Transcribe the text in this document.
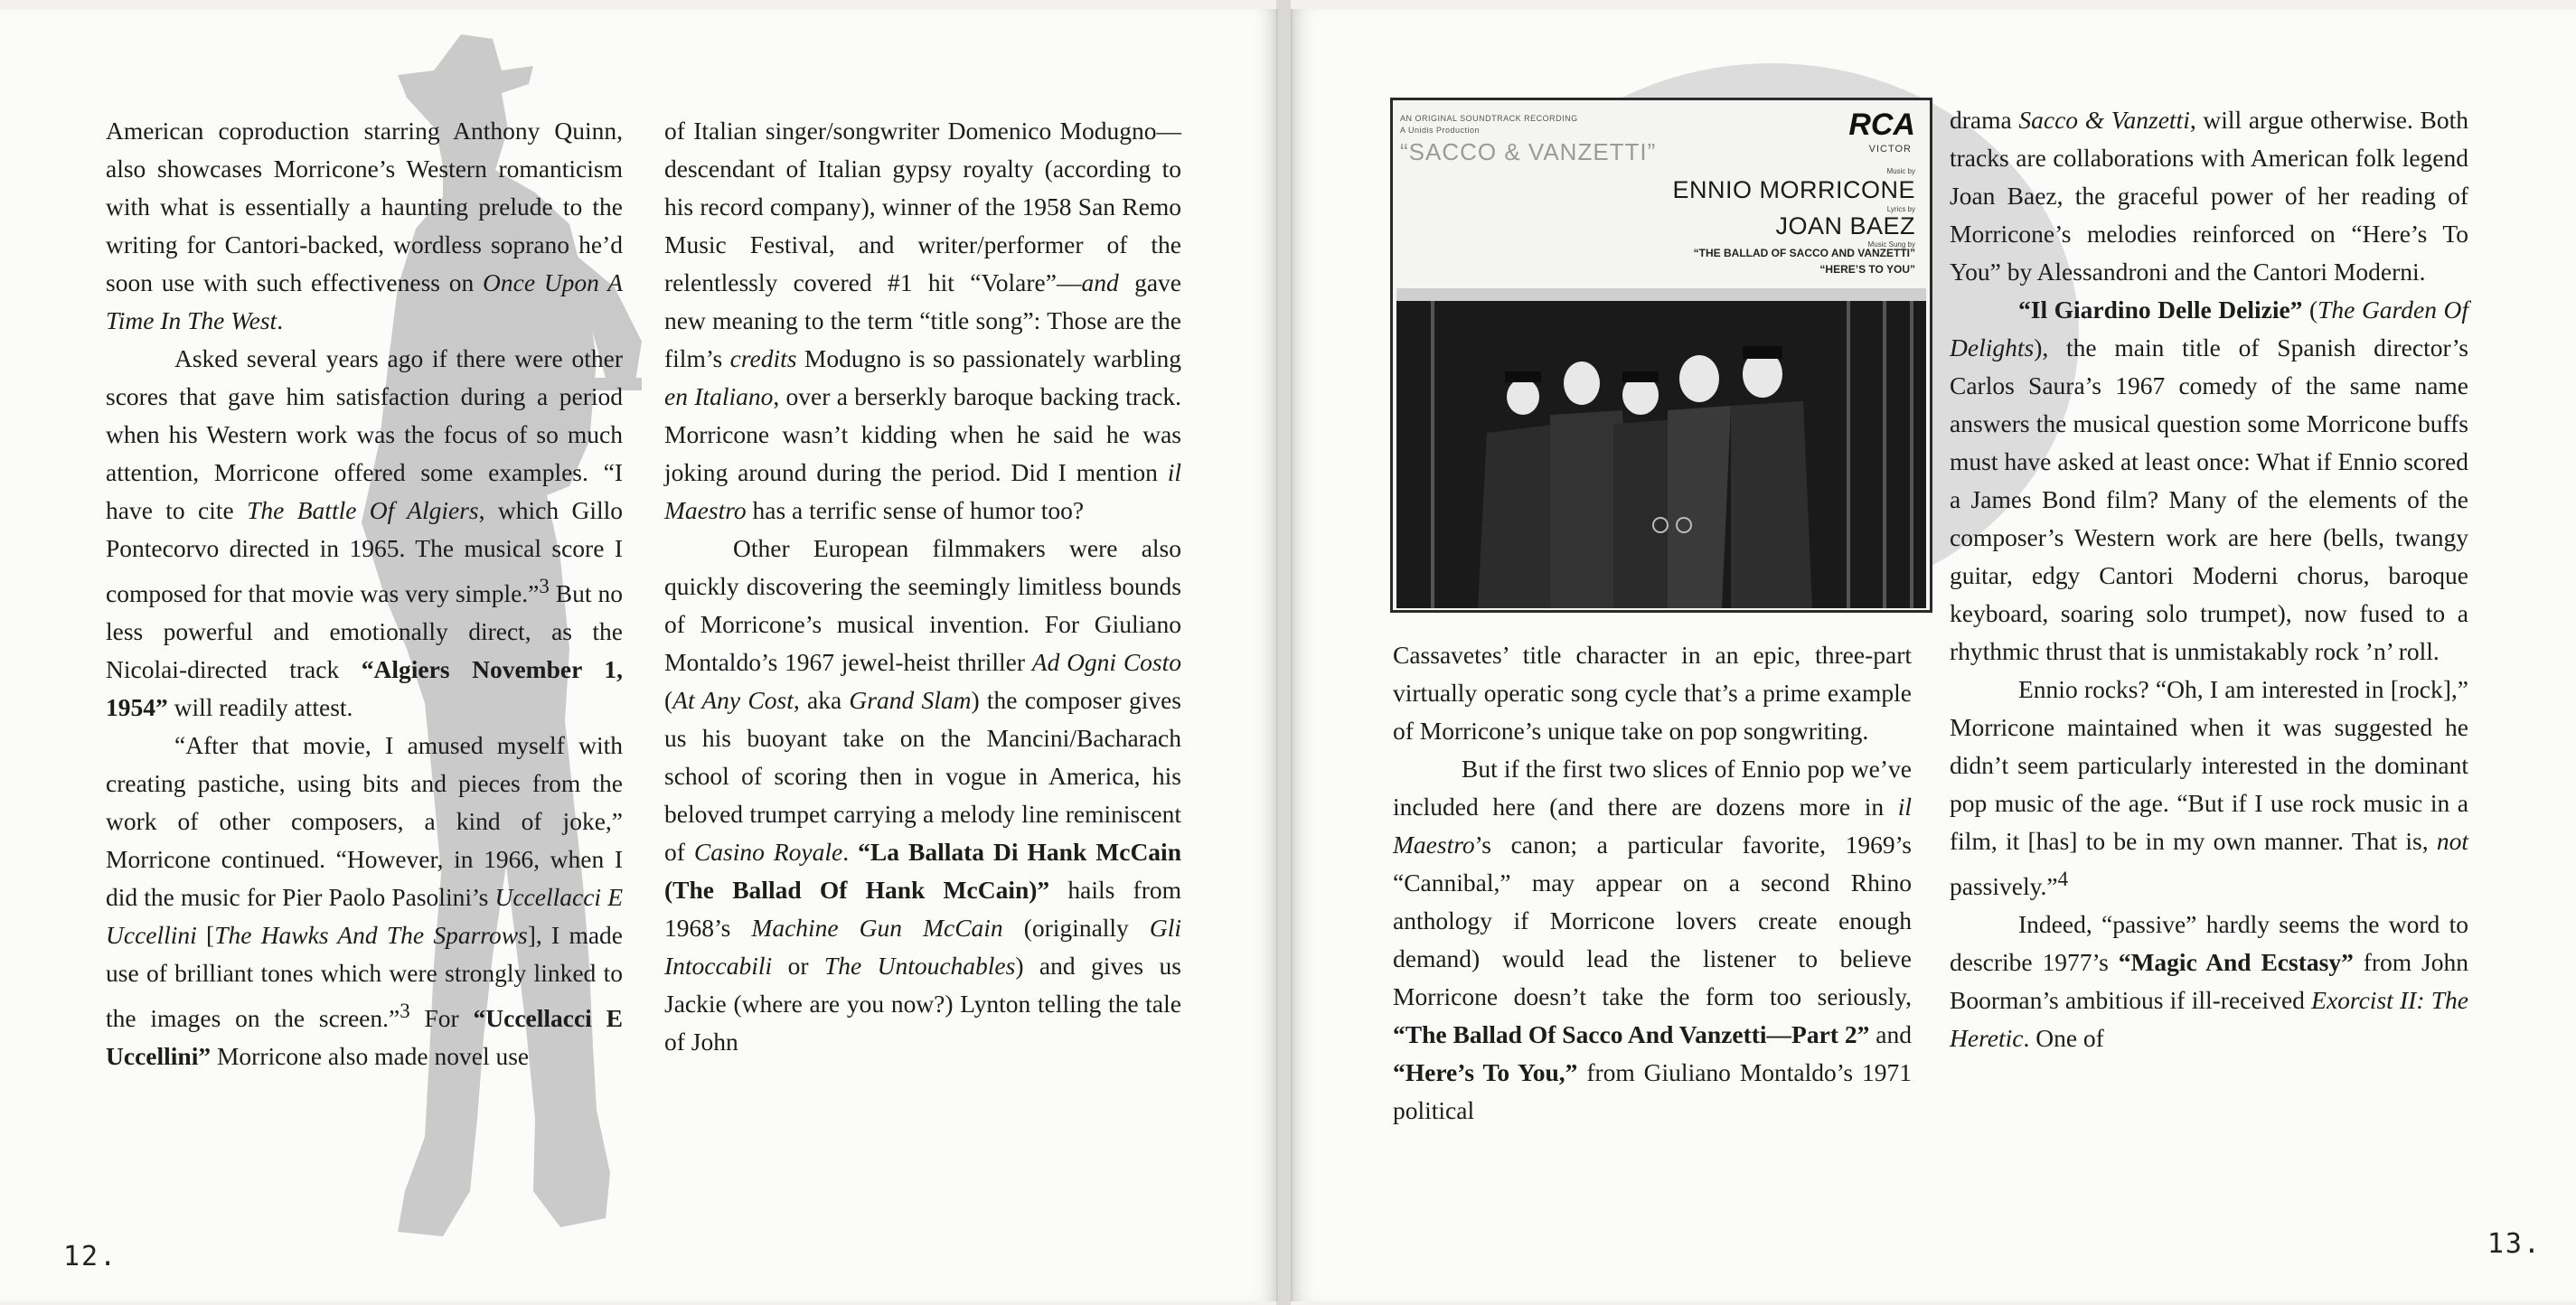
American coproduction starring Anthony Quinn, also showcases Morricone’s Western romanticism with what is essentially a haunting prelude to the writing for Cantori-backed, wordless soprano he’d soon use with such effectiveness on Once Upon A Time In The West.

Asked several years ago if there were other scores that gave him satisfaction during a period when his Western work was the focus of so much attention, Morricone offered some examples. “I have to cite The Battle Of Algiers, which Gillo Pontecorvo directed in 1965. The musical score I composed for that movie was very simple.”$^3$ But no less powerful and emotionally direct, as the Nicolai-directed track “Algiers November 1, 1954” will readily attest.

“After that movie, I amused myself with creating pastiche, using bits and pieces from the work of other composers, a kind of joke,” Morricone continued. “However, in 1966, when I did the music for Pier Paolo Pasolini’s Uccellacci E Uccellini [The Hawks And The Sparrows], I made use of brilliant tones which were strongly linked to the images on the screen.”$^3$ For “Uccellacci E Uccellini” Morricone also made novel use

of Italian singer/songwriter Domenico Modugno—descendant of Italian gypsy royalty (according to his record company), winner of the 1958 San Remo Music Festival, and writer/performer of the relentlessly covered #1 hit “Volare”—and gave new meaning to the term “title song”: Those are the film’s credits Modugno is so passionately warbling en Italiano, over a berserkly baroque backing track. Morricone wasn’t kidding when he said he was joking around during the period. Did I mention il Maestro has a terrific sense of humor too?

Other European filmmakers were also quickly discovering the seemingly limitless bounds of Morricone’s musical invention. For Giuliano Montaldo’s 1967 jewel-heist thriller Ad Ogni Costo (At Any Cost, aka Grand Slam) the composer gives us his buoyant take on the Mancini/Bacharach school of scoring then in vogue in America, his beloved trumpet carrying a melody line reminiscent of Casino Royale. “La Ballata Di Hank McCain (The Ballad Of Hank McCain)” hails from 1968’s Machine Gun McCain (originally Gli Intoccabili or The Untouchables) and gives us Jackie (where are you now?) Lynton telling the tale of John

12.
AN ORIGINAL SOUNDTRACK RECORDING
A Unidis Production
“SACCO & VANZETTI”
RCA
VICTOR
Music by
ENNIO MORRICONE
Lyrics by
JOAN BAEZ
Music Sung by
“THE BALLAD OF SACCO AND VANZETTI”
“HERE’S TO YOU”

Cassavetes’ title character in an epic, three-part virtually operatic song cycle that’s a prime example of Morricone’s unique take on pop songwriting.

But if the first two slices of Ennio pop we’ve included here (and there are dozens more in il Maestro’s canon; a particular favorite, 1969’s “Cannibal,” may appear on a second Rhino anthology if Morricone lovers create enough demand) would lead the listener to believe Morricone doesn’t take the form too seriously, “The Ballad Of Sacco And Vanzetti—Part 2” and “Here’s To You,” from Giuliano Montaldo’s 1971 political

drama Sacco & Vanzetti, will argue otherwise. Both tracks are collaborations with American folk legend Joan Baez, the graceful power of her reading of Morricone’s melodies reinforced on “Here’s To You” by Alessandroni and the Cantori Moderni.

“Il Giardino Delle Delizie” (The Garden Of Delights), the main title of Spanish director’s Carlos Saura’s 1967 comedy of the same name answers the musical question some Morricone buffs must have asked at least once: What if Ennio scored a James Bond film? Many of the elements of the composer’s Western work are here (bells, twangy guitar, edgy Cantori Moderni chorus, baroque keyboard, soaring solo trumpet), now fused to a rhythmic thrust that is unmistakably rock ’n’ roll.

Ennio rocks? “Oh, I am interested in [rock],” Morricone maintained when it was suggested he didn’t seem particularly interested in the dominant pop music of the age. “But if I use rock music in a film, it [has] to be in my own manner. That is, not passively.”$^4$

Indeed, “passive” hardly seems the word to describe 1977’s “Magic And Ecstasy” from John Boorman’s ambitious if ill-received Exorcist II: The Heretic. One of

13.
